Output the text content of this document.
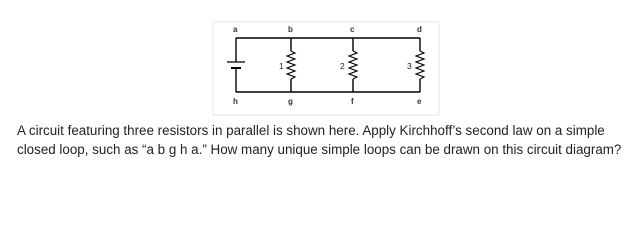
a	b	c	d
h	g	f	e
1	2	3

A circuit featuring three resistors in parallel is shown here. Apply Kirchhoff’s second law on a simple closed loop, such as “a b g h a.” How many unique simple loops can be drawn on this circuit diagram?
